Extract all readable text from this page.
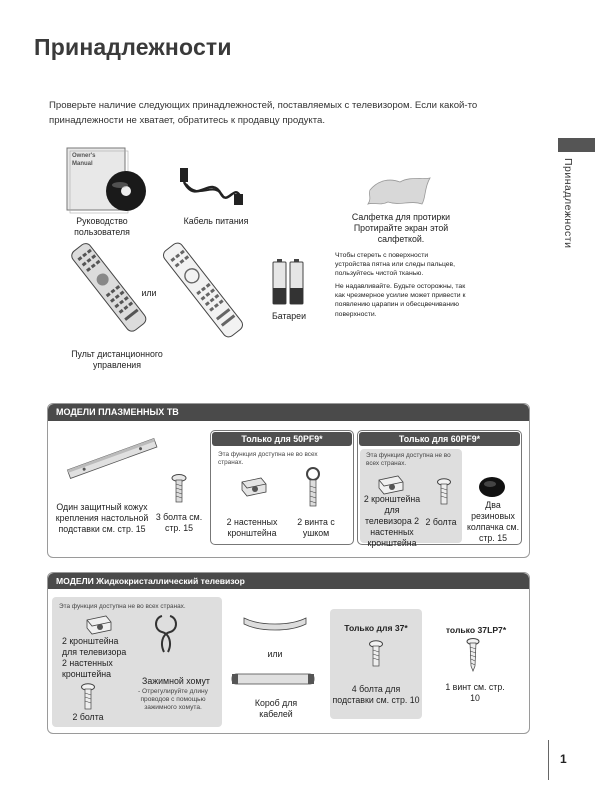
Принадлежности
Проверьте наличие следующих принадлежностей, поставляемых с телевизором. Если какой-то принадлежности не хватает, обратитесь к продавцу продукта.
Принадлежности
Owner's
Manual
Руководство пользователя
Кабель питания	Салфетка для протирки Протирайте экран этой салфеткой.
Чтобы стереть с поверхности устройства пятна или следы пальцев, пользуйтесь чистой тканью.
Не надавливайте. Будьте осторожны, так как чрезмерное усилие может привести к появлению царапин и обесцвечиванию поверхности.
или
Пульт дистанционного управления
Батареи
МОДЕЛИ ПЛАЗМЕННЫХ ТВ
Один защитный кожух крепления настольной подставки см. стр. 15
3 болта см. стр. 15
Только для 50PF9*
Эта функция доступна не во всех странах.
2 настенных кронштейна
2 винта с ушком
Только для 60PF9*
Эта функция доступна не во всех странах.
2 кронштейна для телевизора 2 настенных кронштейна
2 болта
Два резиновых колпачка см. стр. 15
МОДЕЛИ Жидкокристаллический телевизор
Эта функция доступна не во всех странах.
2 кронштейна для телевизора 2 настенных кронштейна
2 болта
Зажимной хомут
- Отрегулируйте длину проводов с помощью зажимного хомута.
или
Короб для кабелей
Только для 37*
4 болта для подставки см. стр. 10
только 37LP7*
1 винт см. стр. 10
1
